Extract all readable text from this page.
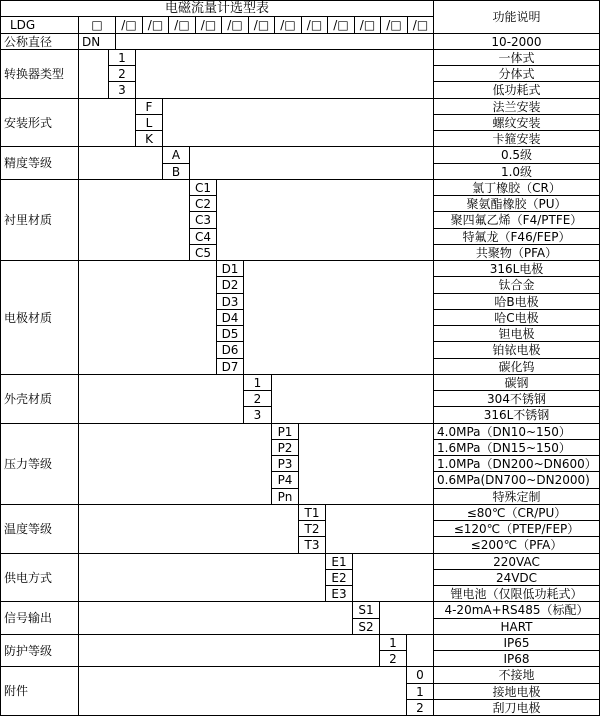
电磁流量计选型表
功能说明
LDG	□	/□ /□ /□ /□ /□ /□ /□ /□ /□ /□ /□ /□
公称直径	DN	10-2000
转换器类型
1	一体式
2	分体式
3	低功耗式
安装形式
F	法兰安装
L	螺纹安装
K	卡箍安装
精度等级
A	0.5级
B	1.0级
衬里材质
C1	氯丁橡胶（CR）
C2	聚氨酯橡胶（PU）
C3	聚四氟乙烯（F4/PTFE）
C4	特氟龙（F46/FEP）
C5	共聚物（PFA）
电极材质
D1	316L电极
D2	钛合金
D3	哈B电极
D4	哈C电极
D5	钽电极
D6	铂铱电极
D7	碳化钨
外壳材质
1	碳钢
2	304不锈钢
3	316L不锈钢
压力等级
P1	4.0MPa（DN10~150）
P2	1.6MPa（DN15~150）
P3	1.0MPa（DN200~DN600）
P4	0.6MPa(DN700~DN2000)
Pn	特殊定制
温度等级
T1	≤80℃（CR/PU）
T2	≤120℃（PTEP/FEP）
T3	≤200℃（PFA）
供电方式
E1	220VAC
E2	24VDC
E3	锂电池（仅限低功耗式）
信号输出
S1	4-20mA+RS485（标配）
S2	HART
防护等级
1	IP65
2	IP68
附件
0	不接地
1	接地电极
2	刮刀电极
